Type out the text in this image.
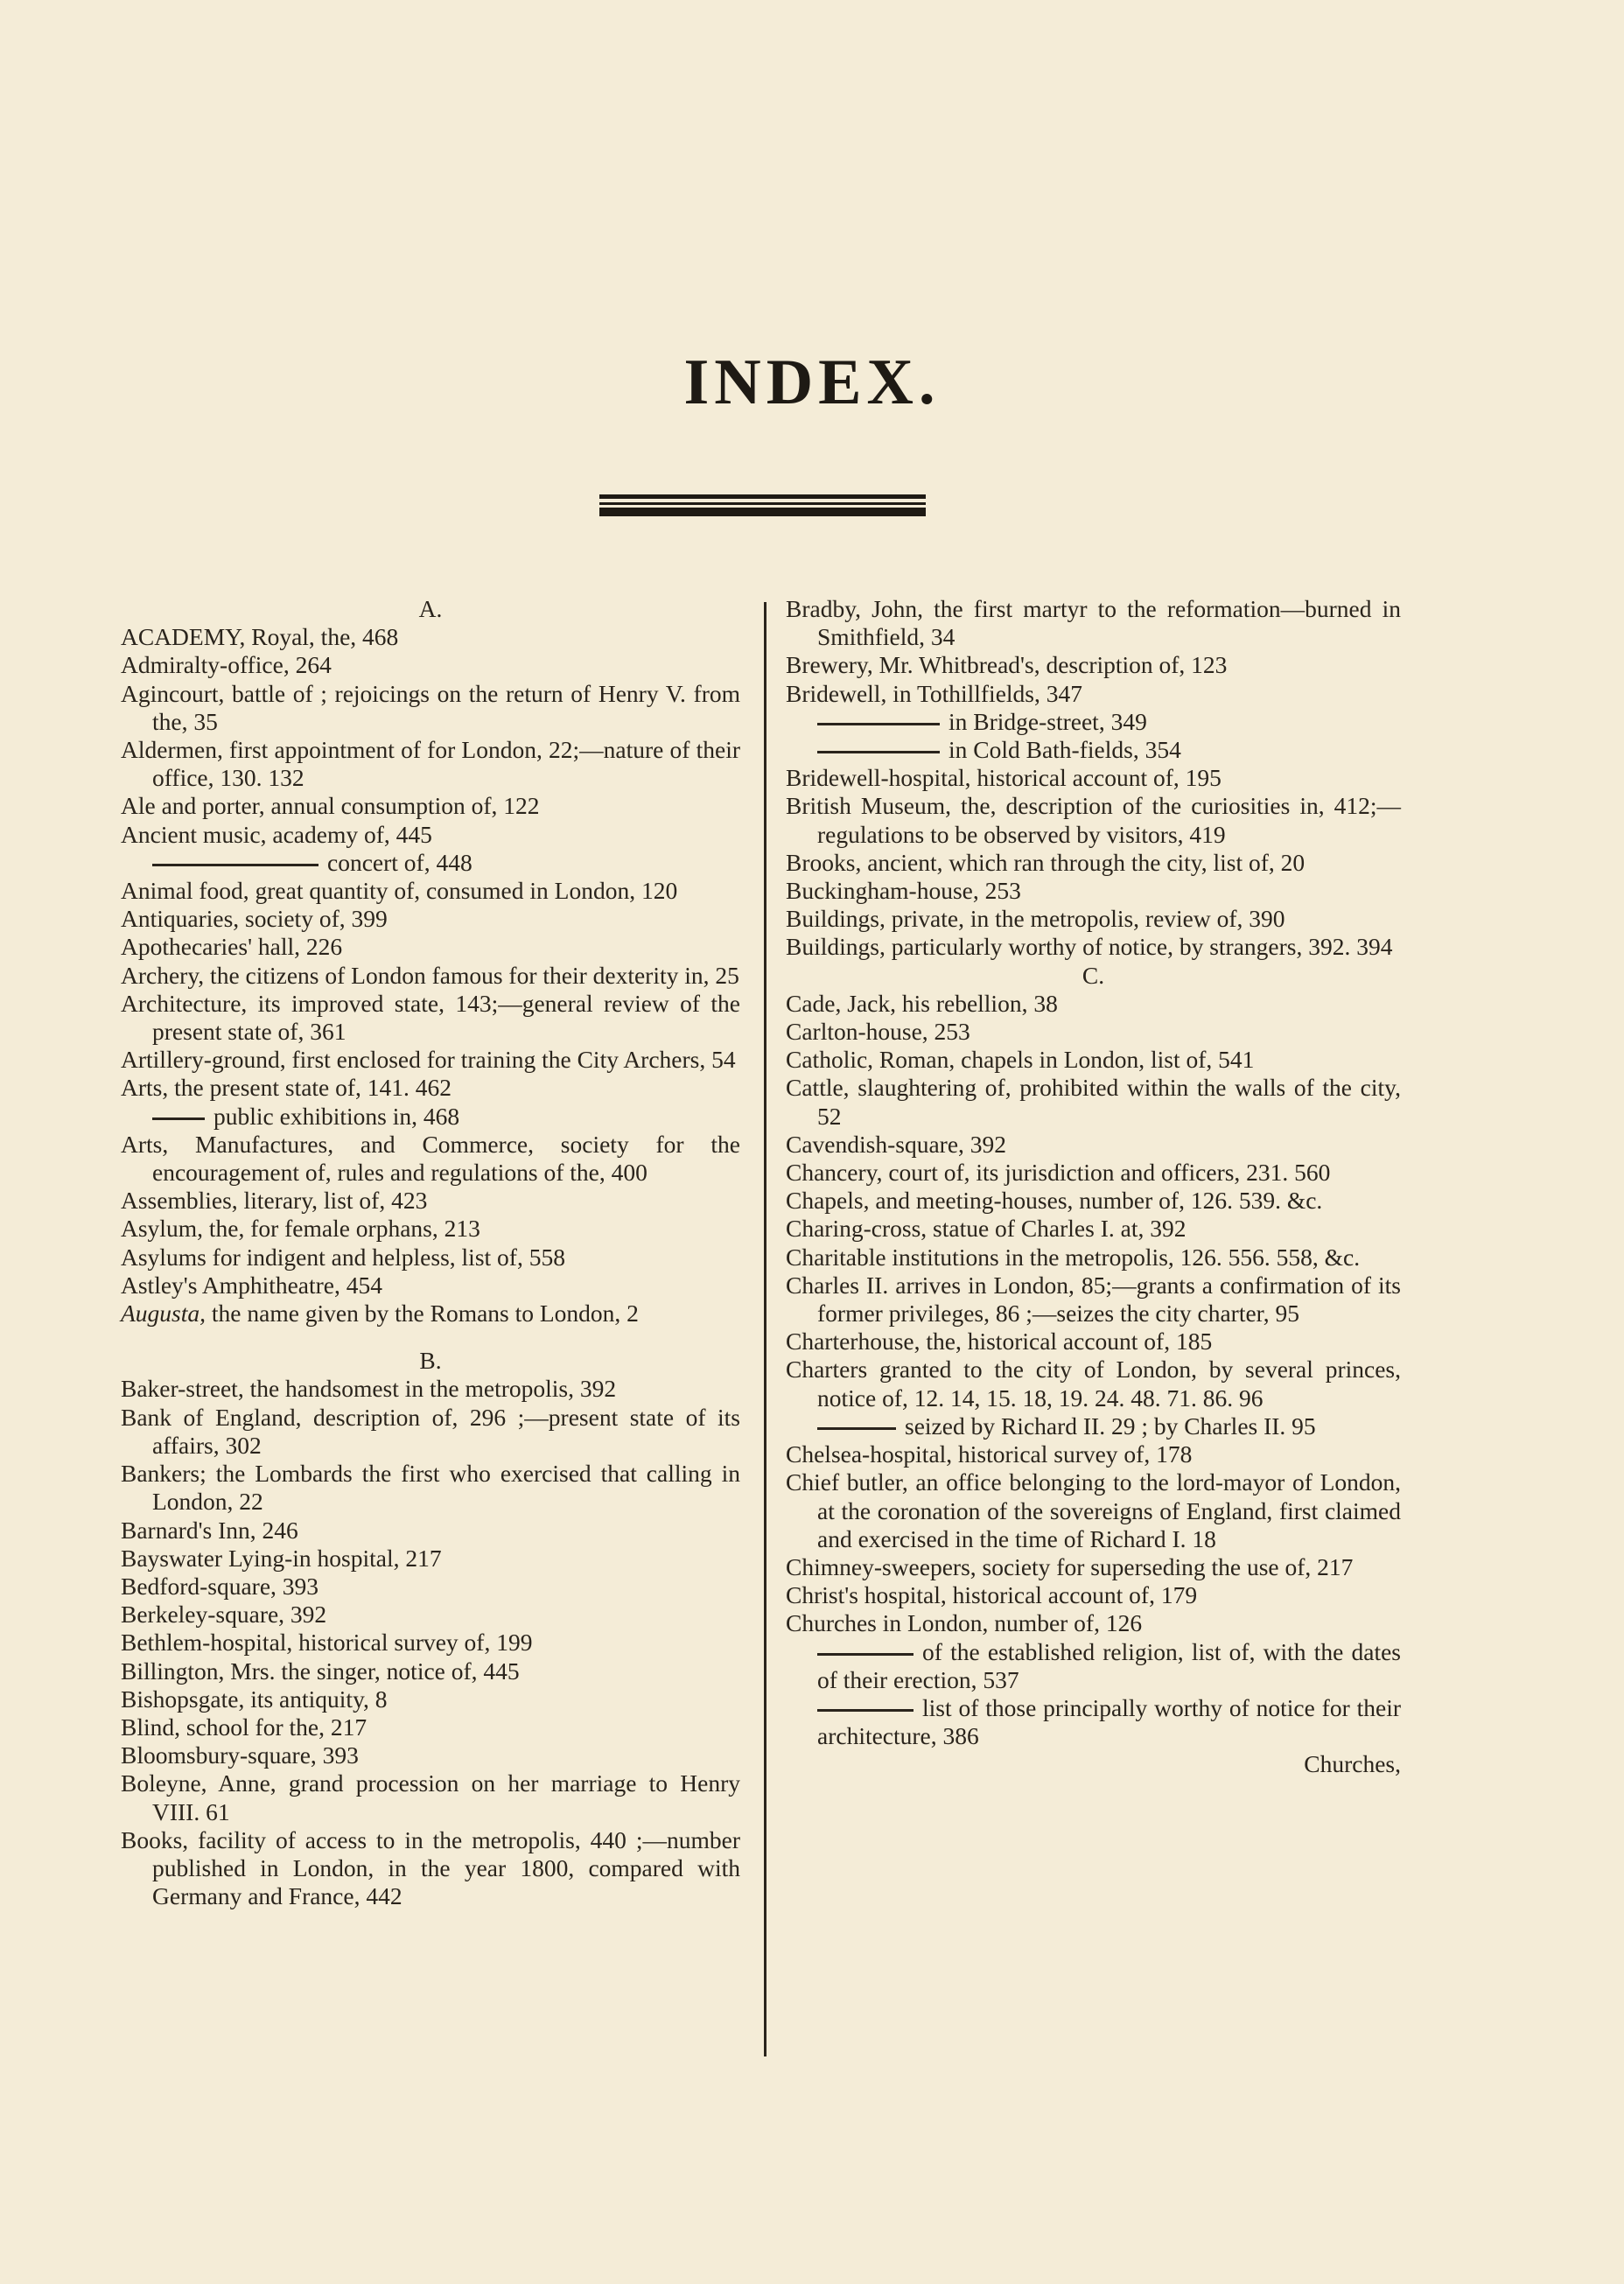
INDEX.

A.

ACADEMY, Royal, the, 468

Admiralty-office, 264

Agincourt, battle of ; rejoicings on the return of Henry V. from the, 35

Aldermen, first appointment of for London, 22;—nature of their office, 130. 132

Ale and porter, annual consumption of, 122

Ancient music, academy of, 445

concert of, 448

Animal food, great quantity of, consumed in London, 120

Antiquaries, society of, 399

Apothecaries' hall, 226

Archery, the citizens of London famous for their dexterity in, 25

Architecture, its improved state, 143;—general review of the present state of, 361

Artillery-ground, first enclosed for training the City Archers, 54

Arts, the present state of, 141. 462

public exhibitions in, 468

Arts, Manufactures, and Commerce, society for the encouragement of, rules and regulations of the, 400

Assemblies, literary, list of, 423

Asylum, the, for female orphans, 213

Asylums for indigent and helpless, list of, 558

Astley's Amphitheatre, 454

Augusta, the name given by the Romans to London, 2

B.

Baker-street, the handsomest in the metropolis, 392

Bank of England, description of, 296 ;—present state of its affairs, 302

Bankers; the Lombards the first who exercised that calling in London, 22

Barnard's Inn, 246

Bayswater Lying-in hospital, 217

Bedford-square, 393

Berkeley-square, 392

Bethlem-hospital, historical survey of, 199

Billington, Mrs. the singer, notice of, 445

Bishopsgate, its antiquity, 8

Blind, school for the, 217

Bloomsbury-square, 393

Boleyne, Anne, grand procession on her marriage to Henry VIII. 61

Books, facility of access to in the metropolis, 440 ;—number published in London, in the year 1800, compared with Germany and France, 442

Bradby, John, the first martyr to the reformation—burned in Smithfield, 34

Brewery, Mr. Whitbread's, description of, 123

Bridewell, in Tothillfields, 347

in Bridge-street, 349

in Cold Bath-fields, 354

Bridewell-hospital, historical account of, 195

British Museum, the, description of the curiosities in, 412;—regulations to be observed by visitors, 419

Brooks, ancient, which ran through the city, list of, 20

Buckingham-house, 253

Buildings, private, in the metropolis, review of, 390

Buildings, particularly worthy of notice, by strangers, 392. 394

C.

Cade, Jack, his rebellion, 38

Carlton-house, 253

Catholic, Roman, chapels in London, list of, 541

Cattle, slaughtering of, prohibited within the walls of the city, 52

Cavendish-square, 392

Chancery, court of, its jurisdiction and officers, 231. 560

Chapels, and meeting-houses, number of, 126. 539. &c.

Charing-cross, statue of Charles I. at, 392

Charitable institutions in the metropolis, 126. 556. 558, &c.

Charles II. arrives in London, 85;—grants a confirmation of its former privileges, 86 ;—seizes the city charter, 95

Charterhouse, the, historical account of, 185

Charters granted to the city of London, by several princes, notice of, 12. 14, 15. 18, 19. 24. 48. 71. 86. 96

seized by Richard II. 29 ; by Charles II. 95

Chelsea-hospital, historical survey of, 178

Chief butler, an office belonging to the lord-mayor of London, at the coronation of the sovereigns of England, first claimed and exercised in the time of Richard I. 18

Chimney-sweepers, society for superseding the use of, 217

Christ's hospital, historical account of, 179

Churches in London, number of, 126

of the established religion, list of, with the dates of their erection, 537

list of those principally worthy of notice for their architecture, 386

Churches,
